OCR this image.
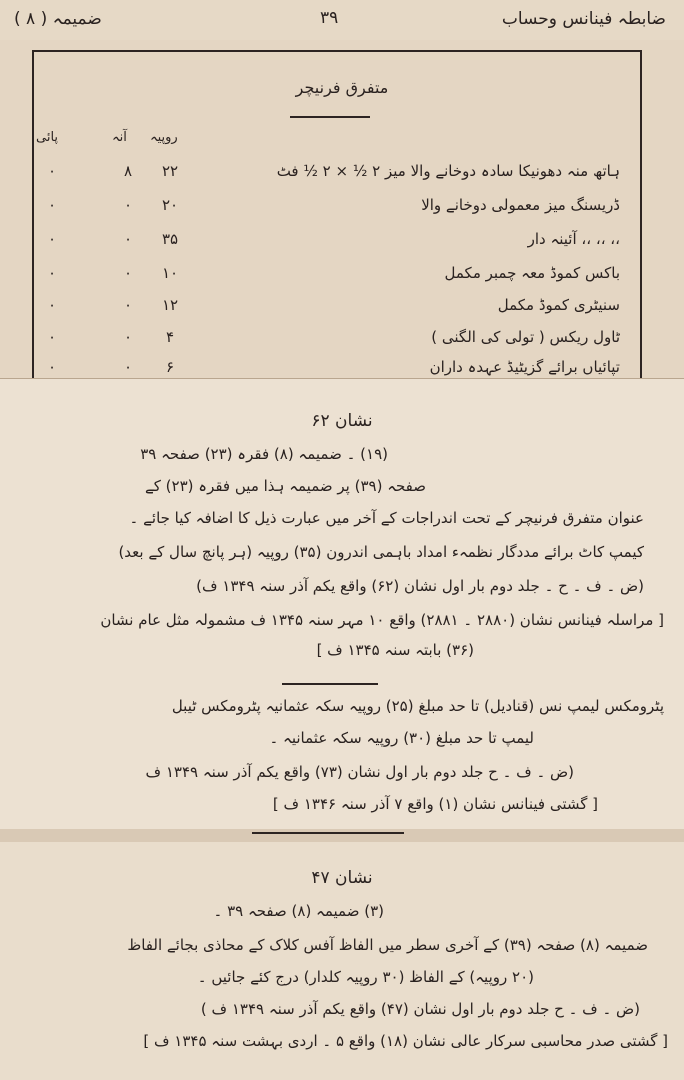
ضمیمہ ( ۸ )	۳۹	ضابطہ فینانس وحساب
متفرق فرنیچر
روپیہ
آنہ
پائی
ہاتھ منہ دھونیکا سادہ دوخانے والا میز ۲ ½ × ۲ ½ فٹ
۲۲
۸
۰
ڈریسنگ میز معمولی دوخانے والا
۲۰
۰
۰
،، ،، ،، آئینہ دار
۳۵
۰
۰
باکس کموڈ معہ چمبر مکمل
۱۰
۰
۰
سنیٹری کموڈ مکمل
۱۲
۰
۰
ٹاول ریکس ( تولی کی الگنی )
۴
۰
۰
تپائیاں برائے گزیٹیڈ عہدہ داران
۶
۰
۰
نشان ۶۲
(۱۹) ۔ ضمیمہ (۸) فقرہ (۲۳) صفحہ ۳۹
صفحہ (۳۹) پر ضمیمہ ہذا میں فقرہ (۲۳) کے
عنوان متفرق فرنیچر کے تحت اندراجات کے آخر میں عبارت ذیل کا اضافہ کیا جائے ۔
کیمپ کاٹ برائے مددگار نظمہء امداد باہمی اندرون (۳۵) روپیہ (ہر پانچ سال کے بعد)
(ض ۔ ف ۔ ح ۔ جلد دوم بار اول نشان (۶۲) واقع یکم آذر سنہ ۱۳۴۹ ف)
[ مراسلہ فینانس نشان (۲۸۸۰ ۔ ۲۸۸۱) واقع ۱۰ مہر سنہ ۱۳۴۵ ف مشمولہ مثل عام نشان
(۳۶) بابتہ سنہ ۱۳۴۵ ف ]
پٹرومکس لیمپ نس (قنادیل) تا حد مبلغ (۲۵) روپیہ سکہ عثمانیہ پٹرومکس ٹیبل
لیمپ تا حد مبلغ (۳۰) روپیہ سکہ عثمانیہ ۔
(ض ۔ ف ۔ ح جلد دوم بار اول نشان (۷۳) واقع یکم آذر سنہ ۱۳۴۹ ف
[ گشتی فینانس نشان (۱) واقع ۷ آذر سنہ ۱۳۴۶ ف ]
نشان ۴۷
(۳) ضمیمہ (۸) صفحہ ۳۹ ۔
ضمیمہ (۸) صفحہ (۳۹) کے آخری سطر میں الفاظ آفس کلاک کے محاذی بجائے الفاظ
(۲۰ روپیہ) کے الفاظ (۳۰ روپیہ کلدار) درج کئے جائیں ۔
(ض ۔ ف ۔ ح جلد دوم بار اول نشان (۴۷) واقع یکم آذر سنہ ۱۳۴۹ ف )
[ گشتی صدر محاسبی سرکار عالی نشان (۱۸) واقع ۵ ۔ اردی بہشت سنہ ۱۳۴۵ ف ]
